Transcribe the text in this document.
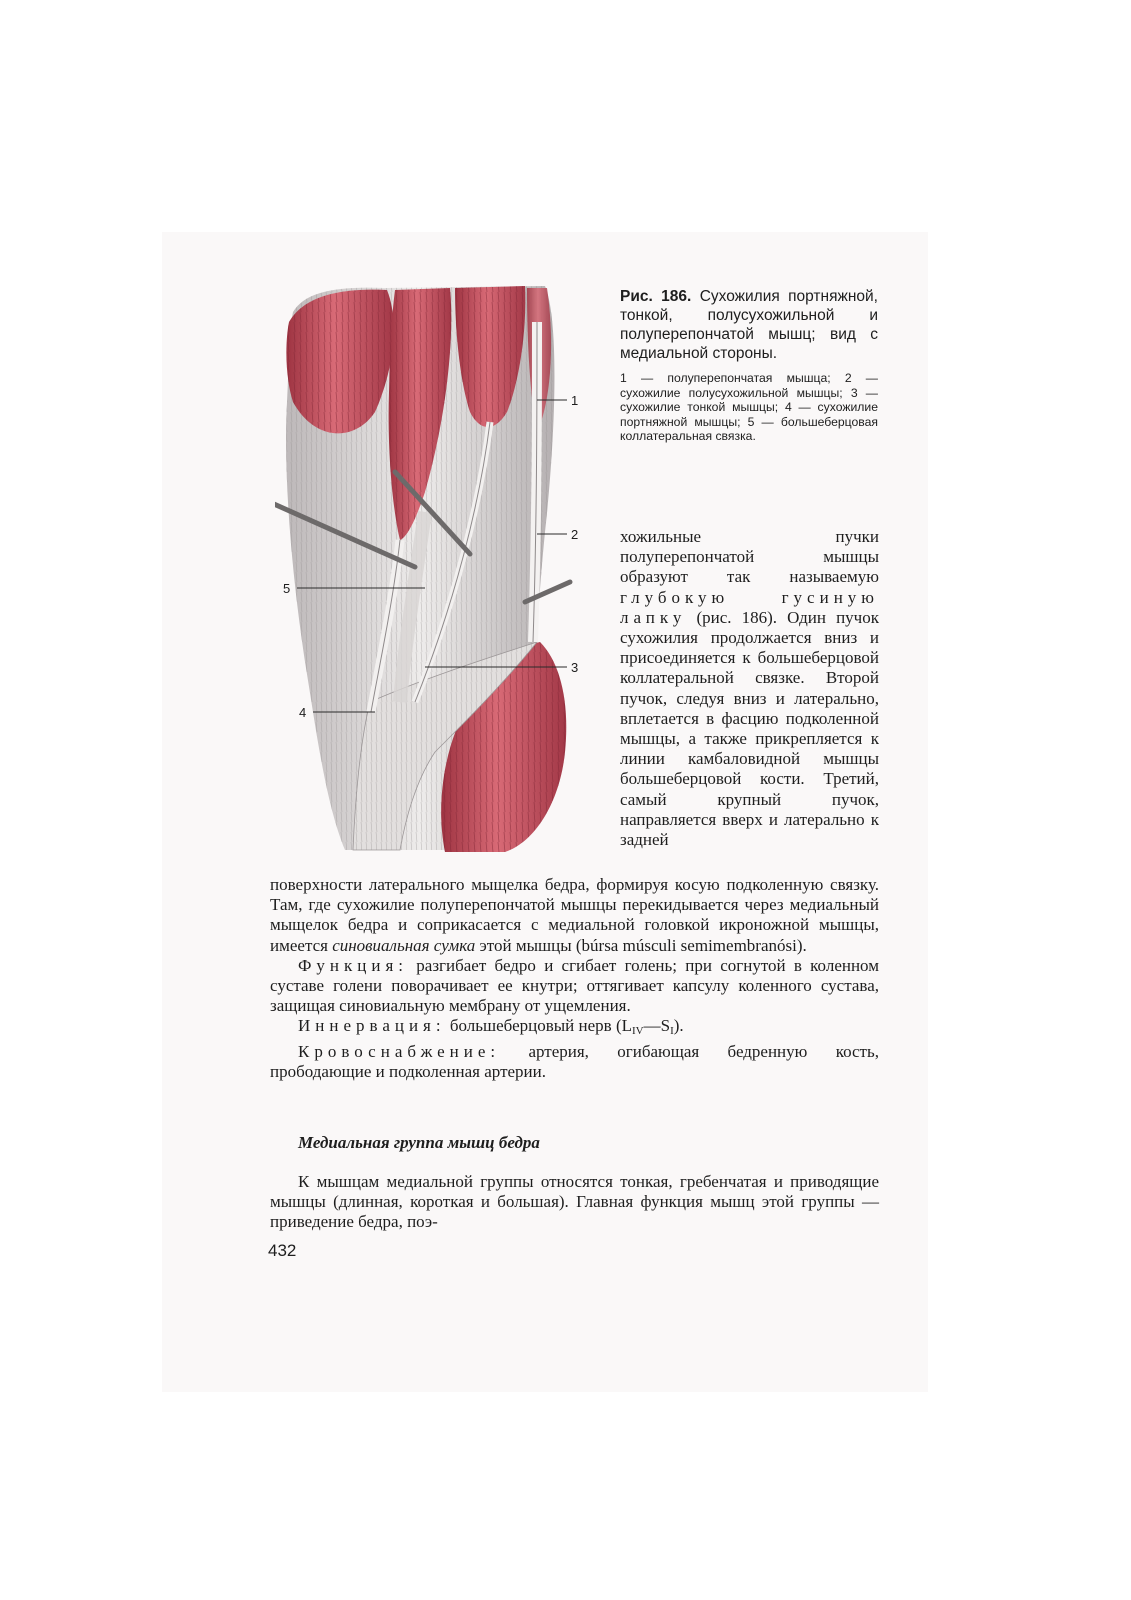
1
2
3
4
5

Рис. 186. Сухожилия портняжной, тонкой, полусухожильной и полуперепончатой мышц; вид с медиальной стороны.

1 — полуперепончатая мышца; 2 — сухожилие полусухожильной мышцы; 3 — сухожилие тонкой мышцы; 4 — сухожилие портняжной мышцы; 5 — большеберцовая коллатеральная связка.

хожильные пучки полуперепончатой мышцы образуют так называемую глубокую гусиную лапку (рис. 186). Один пучок сухожилия продолжается вниз и присоединяется к большеберцовой коллатеральной связке. Второй пучок, следуя вниз и латерально, вплетается в фасцию подколенной мышцы, а также прикрепляется к линии камбаловидной мышцы большеберцовой кости. Третий, самый крупный пучок, направляется вверх и латерально к задней

поверхности латерального мыщелка бедра, формируя косую подколенную связку. Там, где сухожилие полуперепончатой мышцы перекидывается через медиальный мыщелок бедра и соприкасается с медиальной головкой икроножной мышцы, имеется синовиальная сумка этой мышцы (búrsa músculi semimembranósi).

Функция: разгибает бедро и сгибает голень; при согнутой в коленном суставе голени поворачивает ее кнутри; оттягивает капсулу коленного сустава, защищая синовиальную мембрану от ущемления.

Иннервация: большеберцовый нерв $(L_{IV}—S_I)$.

Кровоснабжение: артерия, огибающая бедренную кость, прободающие и подколенная артерии.

Медиальная группа мышц бедра

К мышцам медиальной группы относятся тонкая, гребенчатая и приводящие мышцы (длинная, короткая и большая). Главная функция мышц этой группы — приведение бедра, поэ-

432
